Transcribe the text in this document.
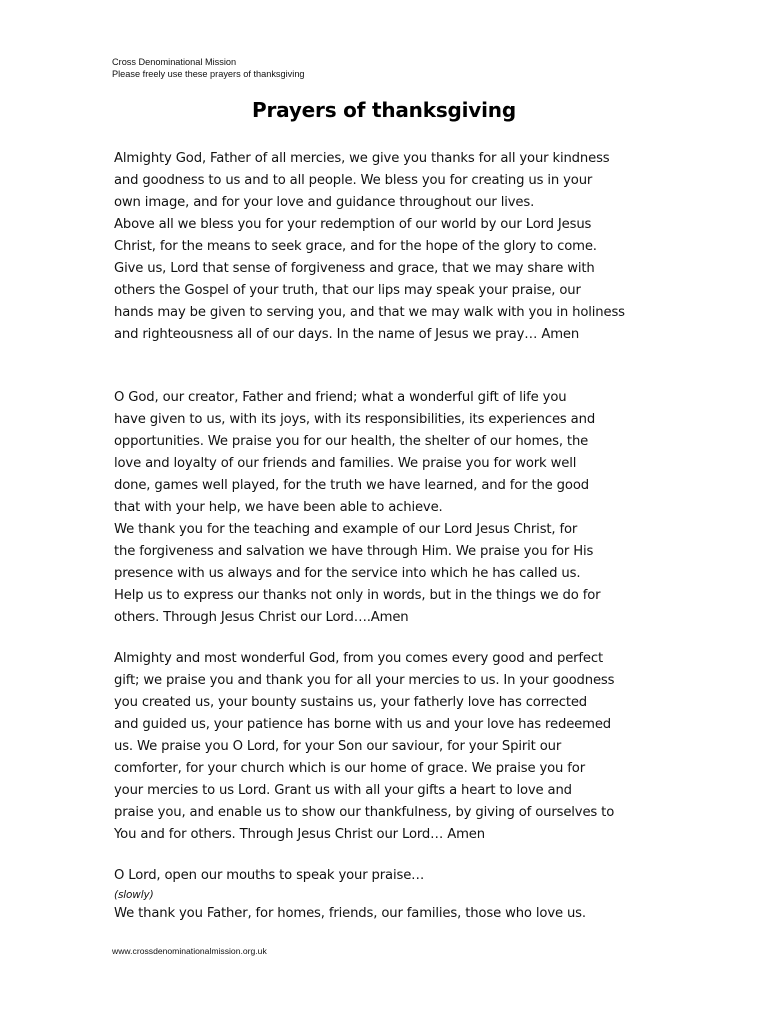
Cross Denominational Mission
Please freely use these prayers of thanksgiving
Prayers of thanksgiving
Almighty God, Father of all mercies, we give you thanks for all your kindness
and goodness to us and to all people. We bless you for creating us in your
own image, and for your love and guidance throughout our lives.
Above all we bless you for your redemption of our world by our Lord Jesus
Christ, for the means to seek grace, and for the hope of the glory to come.
Give us, Lord that sense of forgiveness and grace, that we may share with
others the Gospel of your truth, that our lips may speak your praise, our
hands may be given to serving you, and that we may walk with you in holiness
and righteousness all of our days. In the name of Jesus we pray… Amen
O God, our creator, Father and friend; what a wonderful gift of life you
have given to us, with its joys, with its responsibilities, its experiences and
opportunities. We praise you for our health, the shelter of our homes, the
love and loyalty of our friends and families. We praise you for work well
done, games well played, for the truth we have learned, and for the good
that with your help, we have been able to achieve.
We thank you for the teaching and example of our Lord Jesus Christ, for
the forgiveness and salvation we have through Him. We praise you for His
presence with us always and for the service into which he has called us.
Help us to express our thanks not only in words, but in the things we do for
others. Through Jesus Christ our Lord….Amen
Almighty and most wonderful God, from you comes every good and perfect
gift; we praise you and thank you for all your mercies to us. In your goodness
you created us, your bounty sustains us, your fatherly love has corrected
and guided us, your patience has borne with us and your love has redeemed
us. We praise you O Lord, for your Son our saviour, for your Spirit our
comforter, for your church which is our home of grace. We praise you for
your mercies to us Lord. Grant us with all your gifts a heart to love and
praise you, and enable us to show our thankfulness, by giving of ourselves to
You and for others. Through Jesus Christ our Lord… Amen
O Lord, open our mouths to speak your praise…
(slowly)
We thank you Father, for homes, friends, our families, those who love us.
www.crossdenominationalmission.org.uk
